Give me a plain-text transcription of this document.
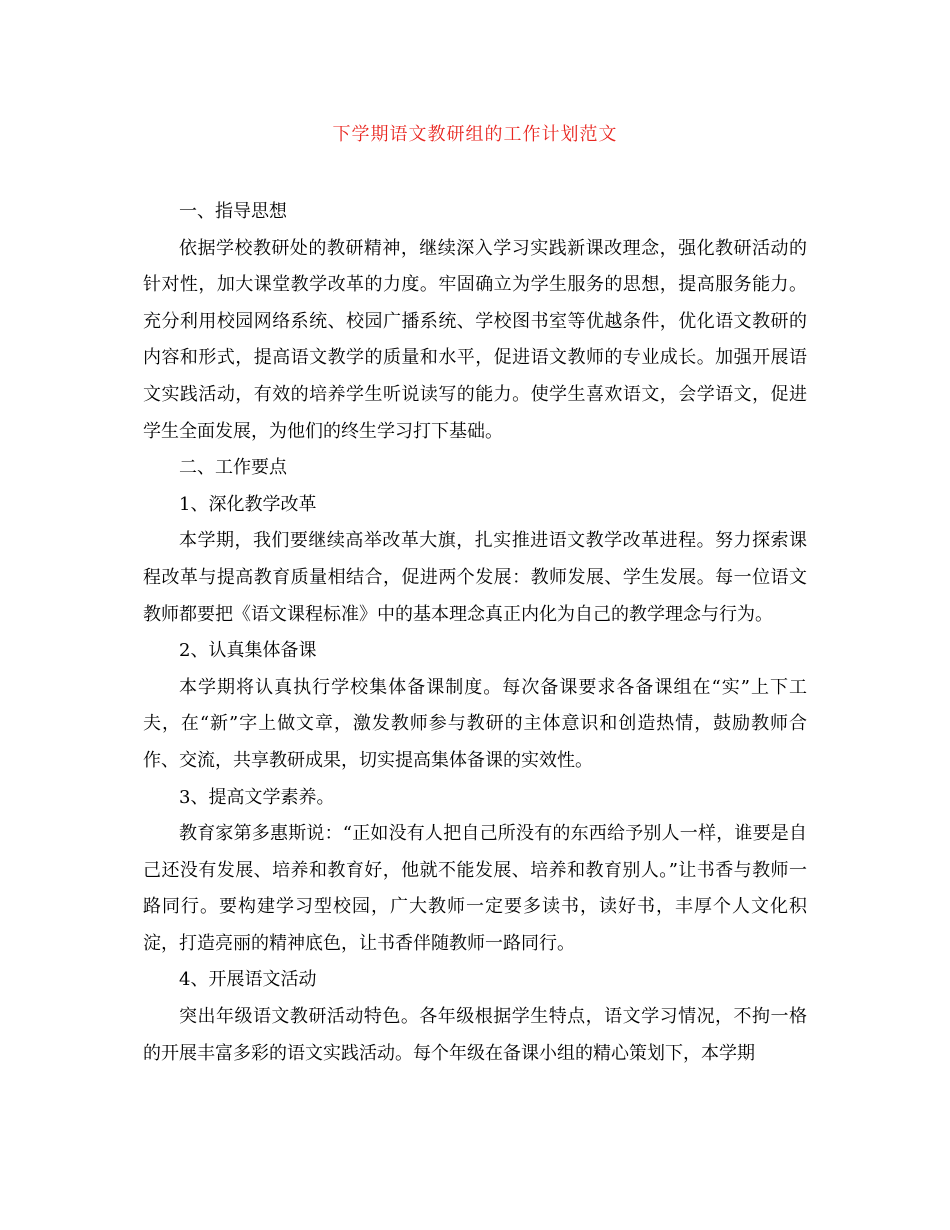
下学期语文教研组的工作计划范文

一、指导思想

依据学校教研处的教研精神，继续深入学习实践新课改理念，强化教研活动的针对性，加大课堂教学改革的力度。牢固确立为学生服务的思想，提高服务能力。充分利用校园网络系统、校园广播系统、学校图书室等优越条件，优化语文教研的内容和形式，提高语文教学的质量和水平，促进语文教师的专业成长。加强开展语文实践活动，有效的培养学生听说读写的能力。使学生喜欢语文，会学语文，促进学生全面发展，为他们的终生学习打下基础。

二、工作要点

1、深化教学改革

本学期，我们要继续高举改革大旗，扎实推进语文教学改革进程。努力探索课程改革与提高教育质量相结合，促进两个发展：教师发展、学生发展。每一位语文教师都要把《语文课程标准》中的基本理念真正内化为自己的教学理念与行为。

2、认真集体备课

本学期将认真执行学校集体备课制度。每次备课要求各备课组在“实”上下工夫，在“新”字上做文章，激发教师参与教研的主体意识和创造热情，鼓励教师合作、交流，共享教研成果，切实提高集体备课的实效性。

3、提高文学素养。

教育家第多惠斯说：“正如没有人把自己所没有的东西给予别人一样，谁要是自己还没有发展、培养和教育好，他就不能发展、培养和教育别人。”让书香与教师一路同行。要构建学习型校园，广大教师一定要多读书，读好书，丰厚个人文化积淀，打造亮丽的精神底色，让书香伴随教师一路同行。

4、开展语文活动

突出年级语文教研活动特色。各年级根据学生特点，语文学习情况，不拘一格的开展丰富多彩的语文实践活动。每个年级在备课小组的精心策划下，本学期
